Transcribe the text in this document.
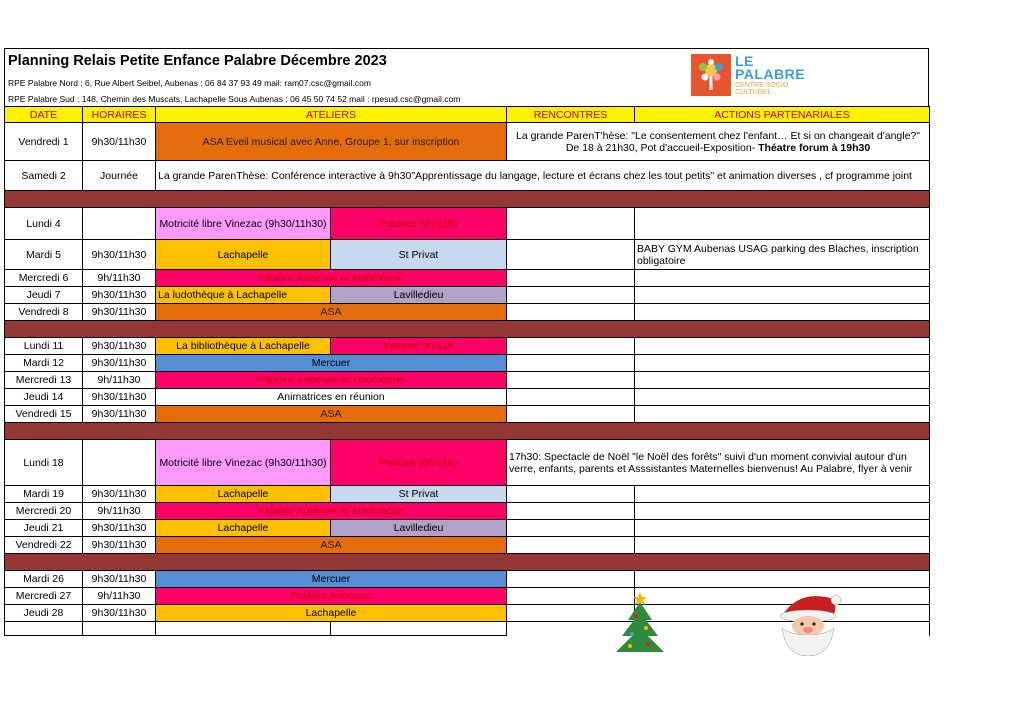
Planning Relais Petite Enfance Palabre Décembre 2023
RPE Palabre Nord : 6, Rue Albert Seibel, Aubenas : 06 84 37 93 49 mail: ram07.csc@gmail.com
RPE Palabre Sud : 148, Chemin des Muscats, Lachapelle Sous Aubenas : 06 45 50 74 52 mail : rpesud.csc@gmail.com
LE
PALABRE
CENTRE SOCIO
CULTUREL
DATE	HORAIRES	ATELIERS		RENCONTRES	ACTIONS PARTENARIALES
Vendredi 1	9h30/11h30	ASA Eveil musical avec Anne, Groupe 1, sur inscription		La grande ParenT'hèse: "Le consentement chez l'enfant… Et si on changeait d'angle?" De 18 à 21h30, Pot d'accueil-Exposition- Théatre forum à 19h30	
Samedi 2	Journée	La grande ParenThèse: Conférence interactive à 9h30"Apprentissage du langage, lecture et écrans chez les tout petits" et animation diverses , cf programme joint			

Lundi 4		Motricité libre Vinezac (9h30/11h30)	Palabre (9h/11h)		
Mardi 5	9h30/11h30	Lachapelle	St Privat		BABY GYM Aubenas USAG parking des Blaches, inscription obligatoire
Mercredi 6	9h/11h30	Palabre Aubenas et ludothèque			
Jeudi 7	9h30/11h30	La ludothèque à Lachapelle	Lavilledieu		
Vendredi 8	9h30/11h30	ASA			

Lundi 11	9h30/11h30	La bibliothèque à Lachapelle	Palabre 9h/11h		
Mardi 12	9h30/11h30	Mercuer			
Mercredi 13	9h/11h30	Palabre Aubenas et ludothèque			
Jeudi 14	9h30/11h30	Animatrices en réunion			
Vendredi 15	9h30/11h30	ASA			

Lundi 18		Motricité libre Vinezac (9h30/11h30)	Palabre (9h/11h)	17h30: Spectacle de Noël "le Noël des forêts" suivi d'un moment convivial autour d'un verre, enfants, parents et Asssistantes Maternelles bienvenus! Au Palabre, flyer à venir	
Mardi 19	9h30/11h30	Lachapelle	St Privat		
Mercredi 20	9h/11h30	Palabre Aubenas et ludothèque			
Jeudi 21	9h30/11h30	Lachapelle	Lavilledieu		
Vendredi 22	9h30/11h30	ASA			

Mardi 26	9h30/11h30	Mercuer			
Mercredi 27	9h/11h30	Palabre Aubenas			
Jeudi 28	9h30/11h30	Lachapelle			
